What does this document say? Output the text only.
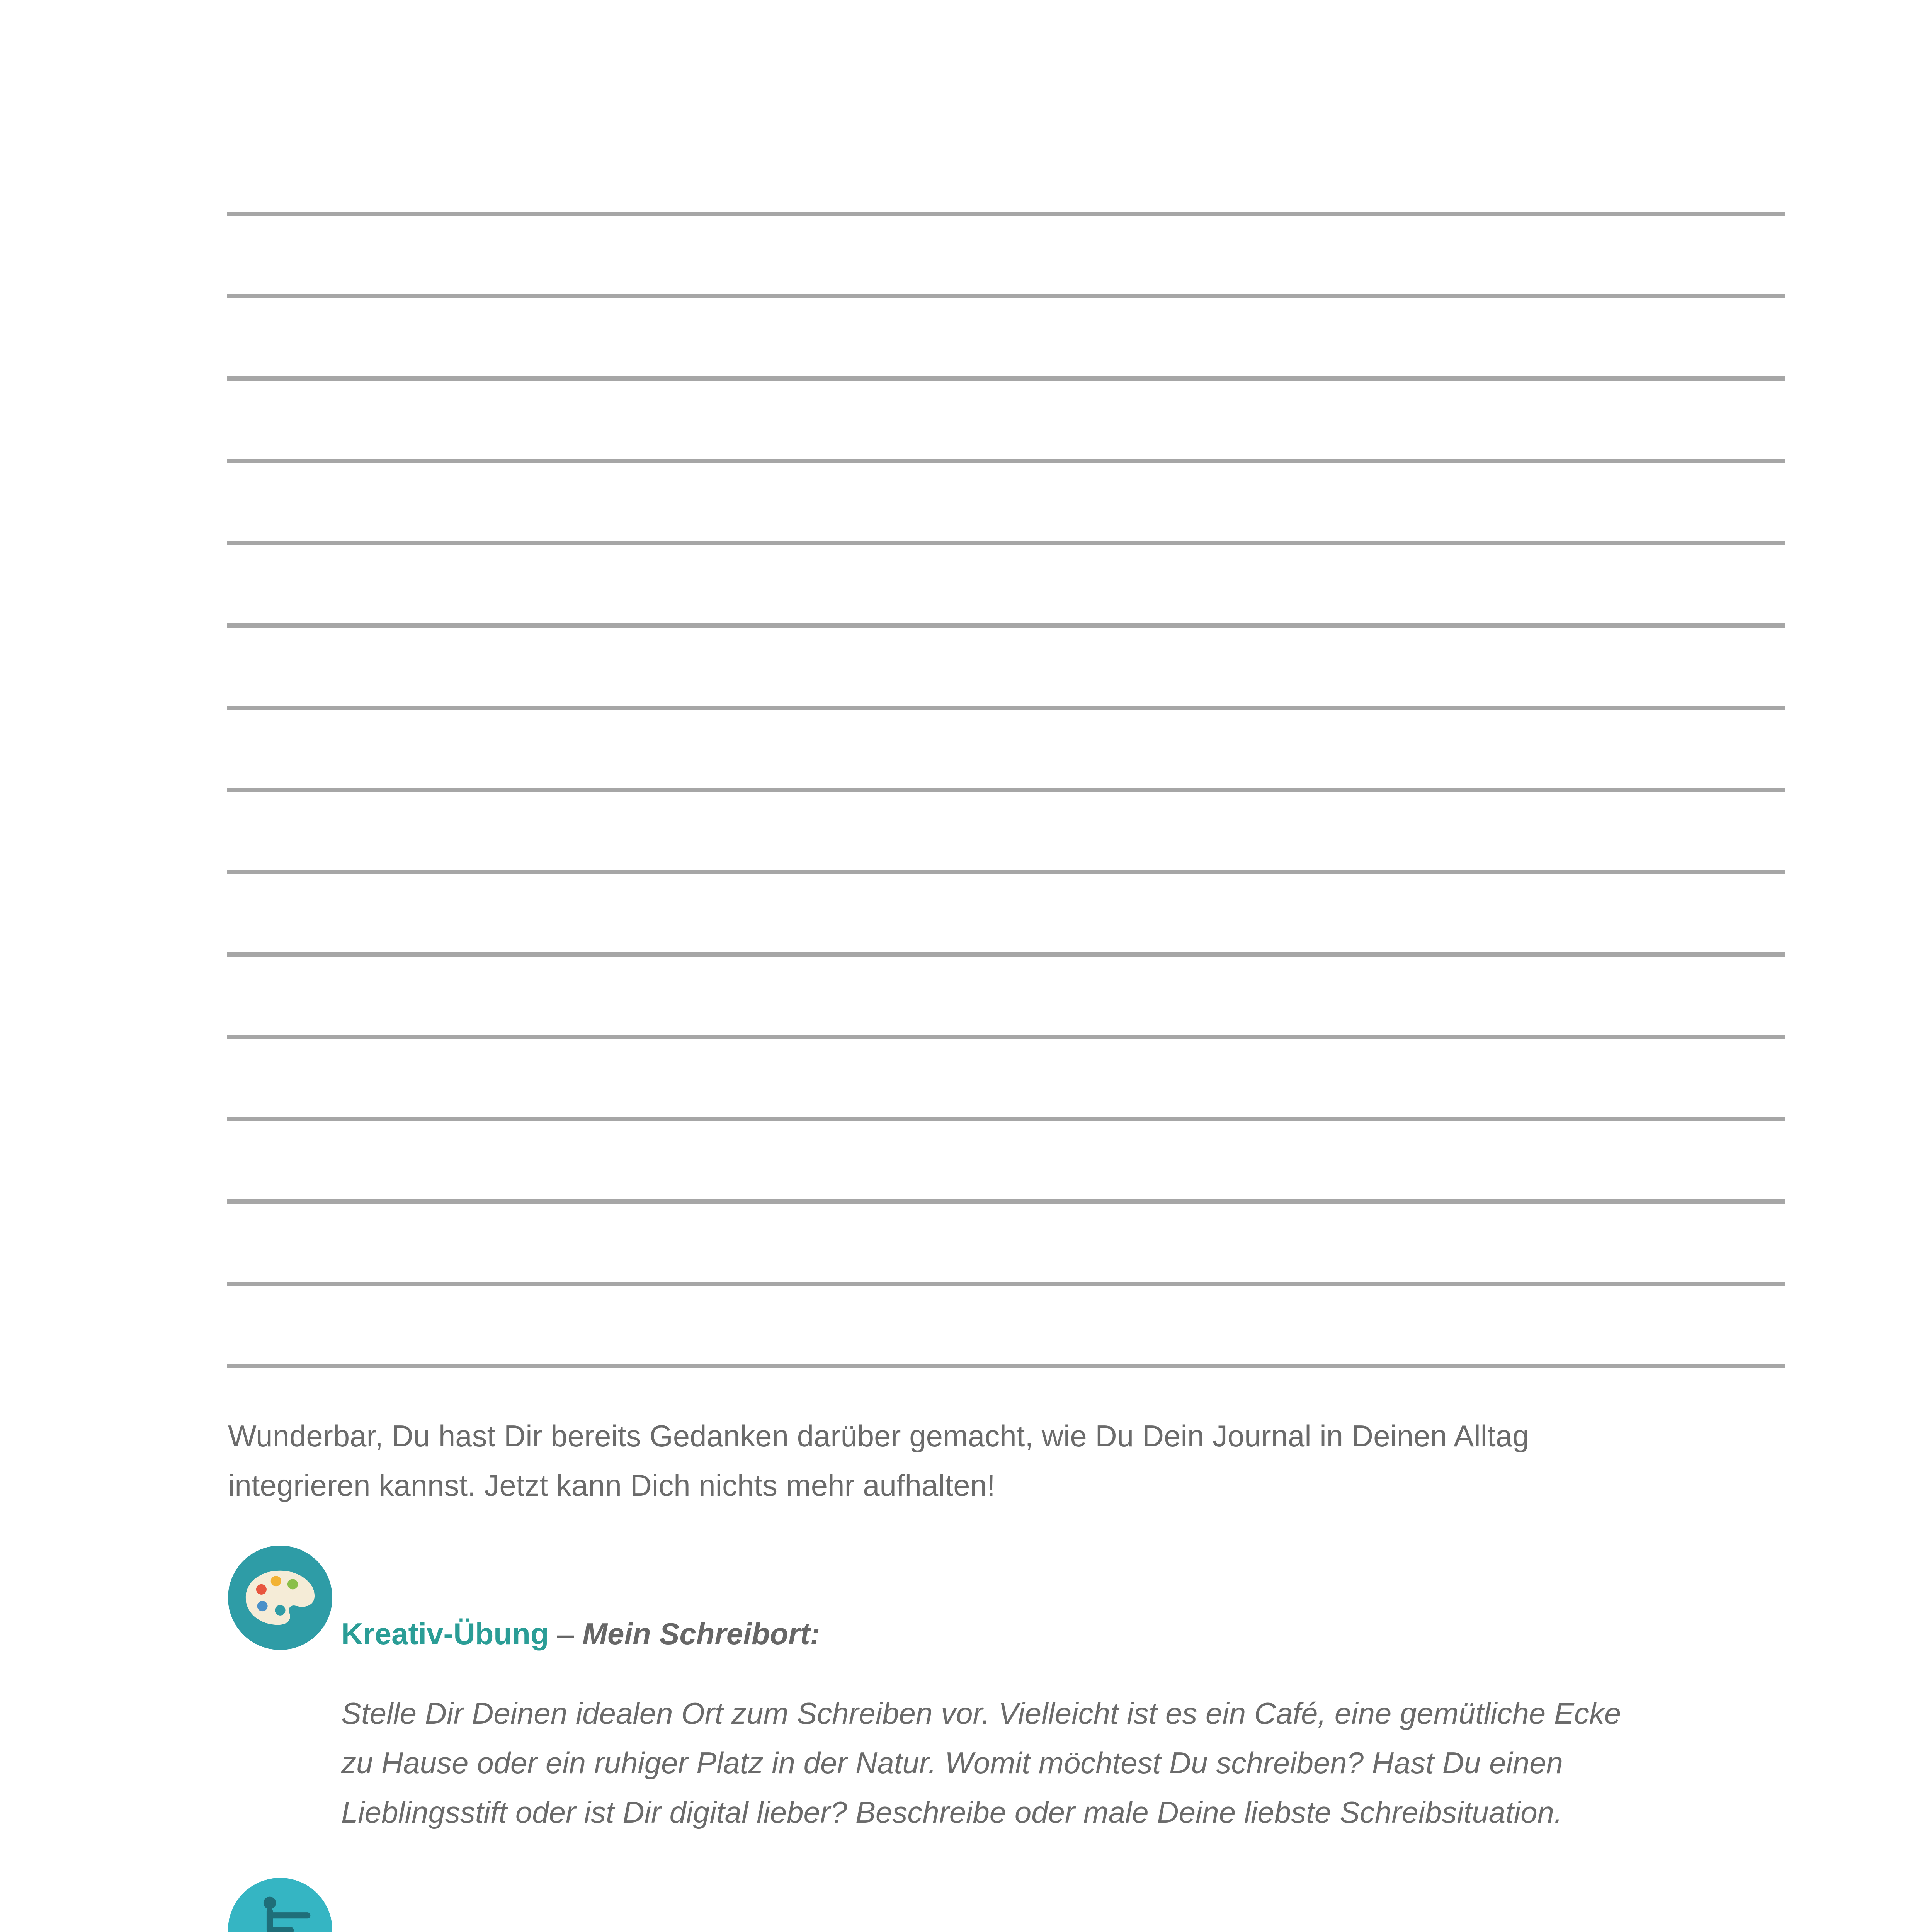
Wunderbar, Du hast Dir bereits Gedanken darüber gemacht, wie Du Dein Journal in Deinen Alltag
integrieren kannst. Jetzt kann Dich nichts mehr aufhalten!

Kreativ-Übung – Mein Schreibort:

Stelle Dir Deinen idealen Ort zum Schreiben vor. Vielleicht ist es ein Café, eine gemütliche Ecke
zu Hause oder ein ruhiger Platz in der Natur. Womit möchtest Du schreiben? Hast Du einen
Lieblingsstift oder ist Dir digital lieber? Beschreibe oder male Deine liebste Schreibsituation.
